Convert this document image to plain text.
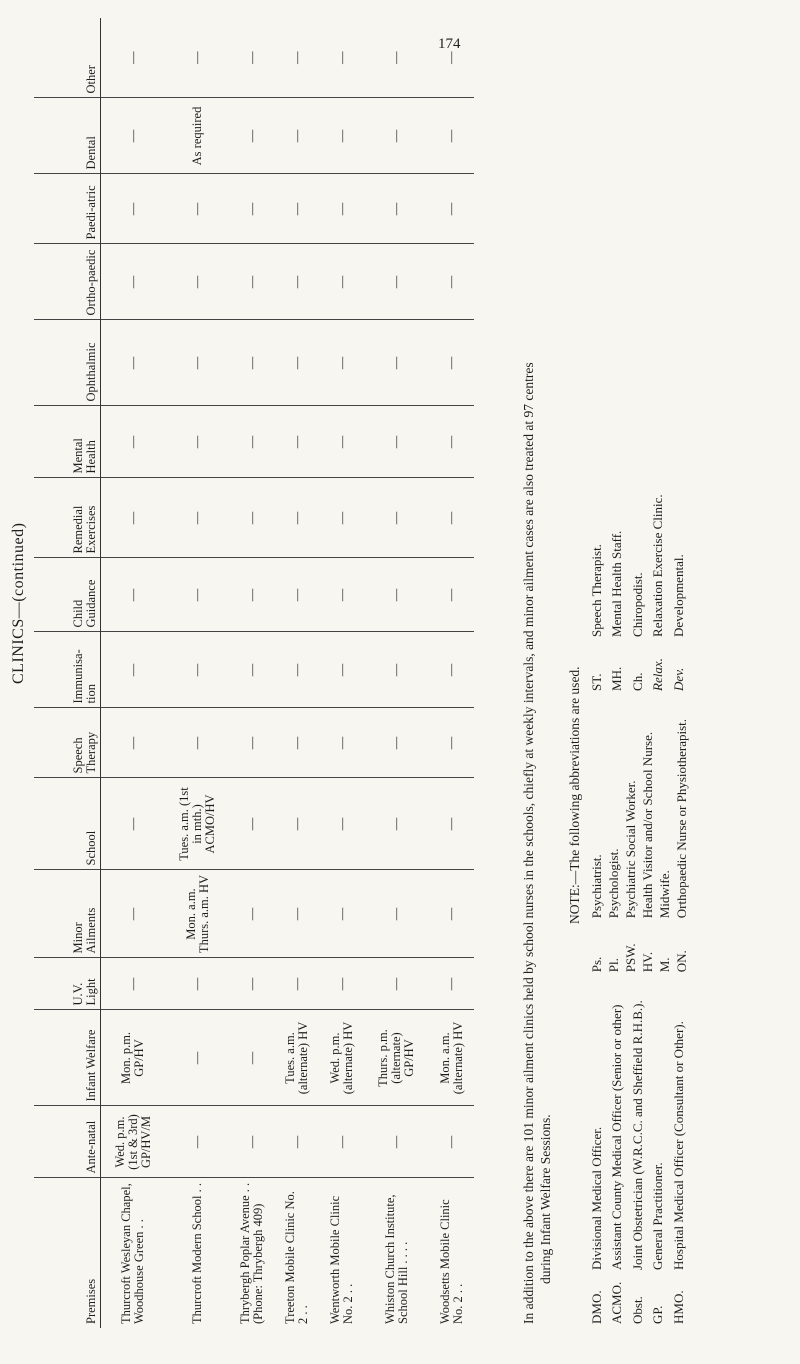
174
CLINICS—(continued)
Premises	Ante-natal	Infant Welfare	U.V. Light	Minor Ailments	School	Speech Therapy	Immunisa-tion	Child Guidance	Remedial Exercises	Mental Health	Ophthalmic	Ortho-paedic	Paedi-atric	Dental	Other
Thurcroft Wesleyan Chapel, Woodhouse Green . .	Wed. p.m. (1st & 3rd) GP/HV/M	Mon. p.m. GP/HV	—	—	—	—	—	—	—	—	—	—	—	—	—
Thurcroft Modern School . .	—	—	—	Mon. a.m. Thurs. a.m. HV	Tues. a.m. (1st in mth.) ACMO/HV	—	—	—	—	—	—	—	—	As required	—
Thrybergh Poplar Avenue . . (Phone: Thrybergh 409)	—	—	—	—	—	—	—	—	—	—	—	—	—	—	—
Treeton Mobile Clinic No. 2 . .	—	Tues. a.m. (alternate) HV	—	—	—	—	—	—	—	—	—	—	—	—	—
Wentworth Mobile Clinic No. 2 . .	—	Wed. p.m. (alternate) HV	—	—	—	—	—	—	—	—	—	—	—	—	—
Whiston Church Institute, School Hill . . . .	—	Thurs. p.m. (alternate) GP/HV	—	—	—	—	—	—	—	—	—	—	—	—	—
Woodsetts Mobile Clinic No. 2 . .	—	Mon. a.m. (alternate) HV	—	—	—	—	—	—	—	—	—	—	—	—	—
In addition to the above there are 101 minor ailment clinics held by school nurses in the schools, chiefly at weekly intervals, and minor ailment cases are also treated at 97 centres during Infant Welfare Sessions.
NOTE:—The following abbreviations are used.
DMO.
Divisional Medical Officer.
ACMO.
Assistant County Medical Officer (Senior or other)
Obst.
Joint Obstetrician (W.R.C.C. and Sheffield R.H.B.).
GP.
General Practitioner.
HMO.
Hospital Medical Officer (Consultant or Other).
Ps.
Psychiatrist.
Pl.
Psychologist.
PSW.
Psychiatric Social Worker.
HV.
Health Visitor and/or School Nurse.
M.
Midwife.
ON.
Orthopaedic Nurse or Physiotherapist.
ST.
Speech Therapist.
MH.
Mental Health Staff.
Ch.
Chiropodist.
Relax.
Relaxation Exercise Clinic.
Dev.
Developmental.
